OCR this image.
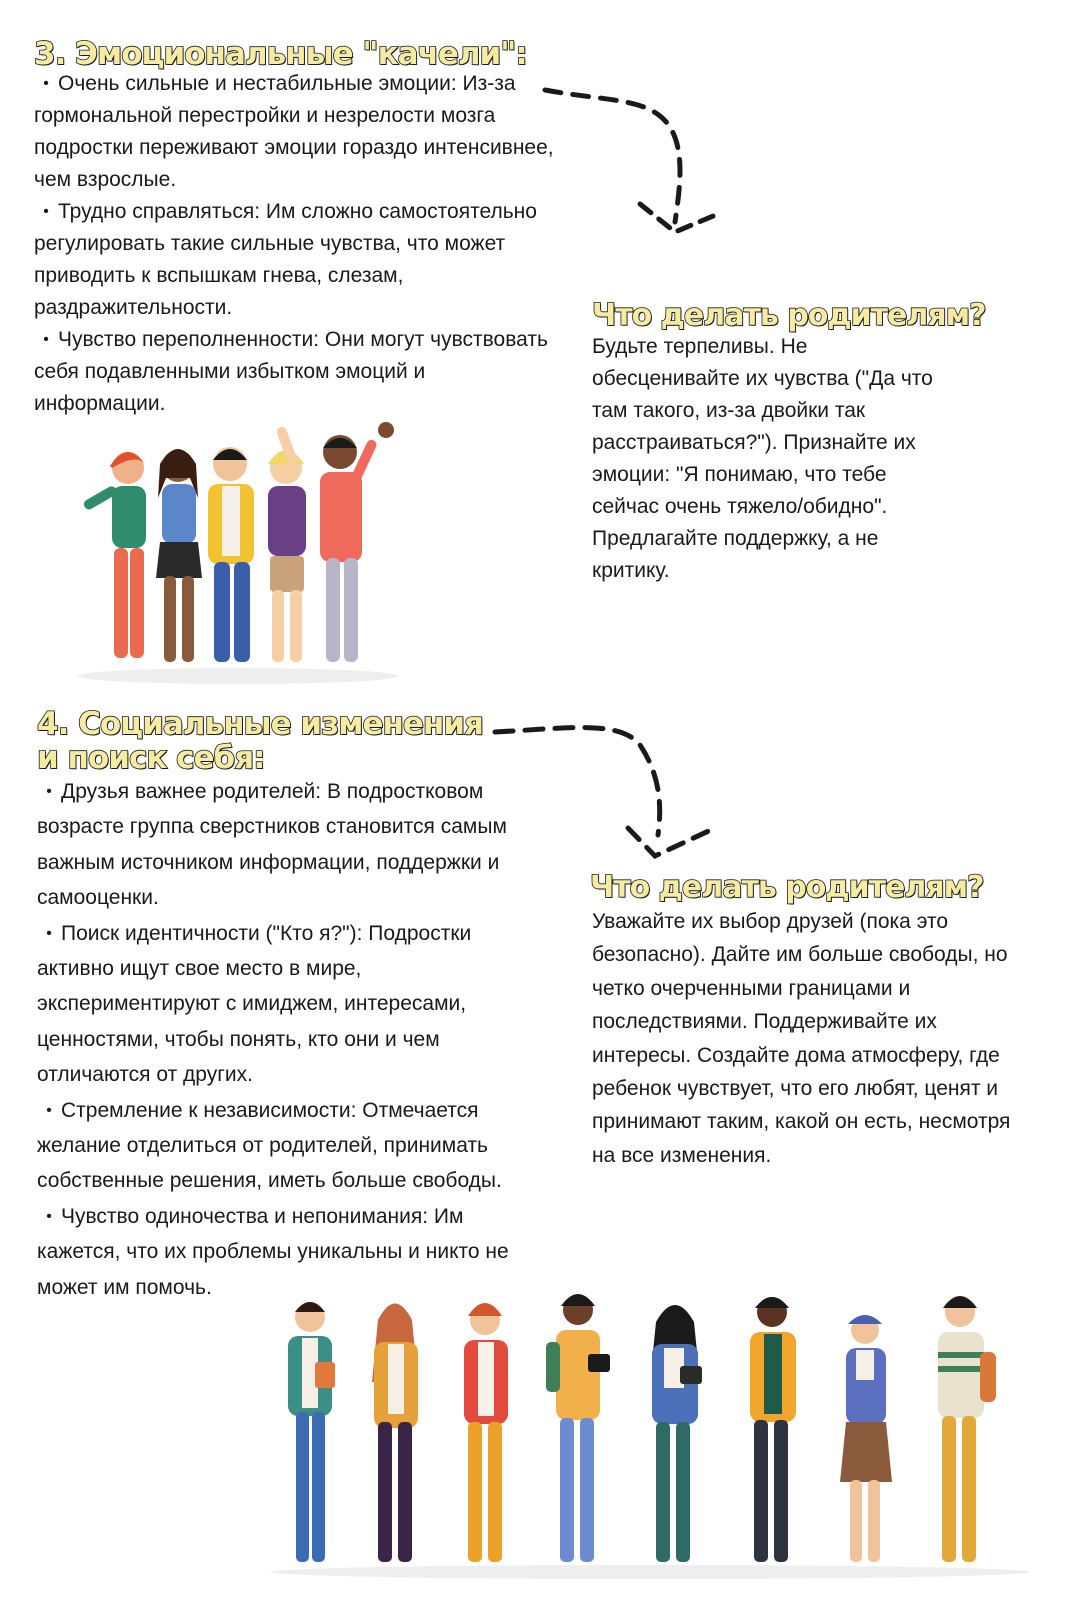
3. Эмоциональные "качели":

• Очень сильные и нестабильные эмоции: Из-за гормональной перестройки и незрелости мозга подростки переживают эмоции гораздо интенсивнее, чем взрослые.

• Трудно справляться: Им сложно самостоятельно регулировать такие сильные чувства, что может приводить к вспышкам гнева, слезам, раздражительности.

• Чувство переполненности: Они могут чувствовать себя подавленными избытком эмоций и информации.

Что делать родителям?
Будьте терпеливы. Не обесценивайте их чувства ("Да что там такого, из-за двойки так расстраиваться?"). Признайте их эмоции: "Я понимаю, что тебе сейчас очень тяжело/обидно". Предлагайте поддержку, а не критику.
4. Социальные изменения
и поиск себя:

• Друзья важнее родителей: В подростковом возрасте группа сверстников становится самым важным источником информации, поддержки и самооценки.

• Поиск идентичности ("Кто я?"): Подростки активно ищут свое место в мире, экспериментируют с имиджем, интересами, ценностями, чтобы понять, кто они и чем отличаются от других.

• Стремление к независимости: Отмечается желание отделиться от родителей, принимать собственные решения, иметь больше свободы.

• Чувство одиночества и непонимания: Им кажется, что их проблемы уникальны и никто не может им помочь.

Что делать родителям?
Уважайте их выбор друзей (пока это безопасно). Дайте им больше свободы, но четко очерченными границами и последствиями. Поддерживайте их интересы. Создайте дома атмосферу, где ребенок чувствует, что его любят, ценят и принимают таким, какой он есть, несмотря на все изменения.
